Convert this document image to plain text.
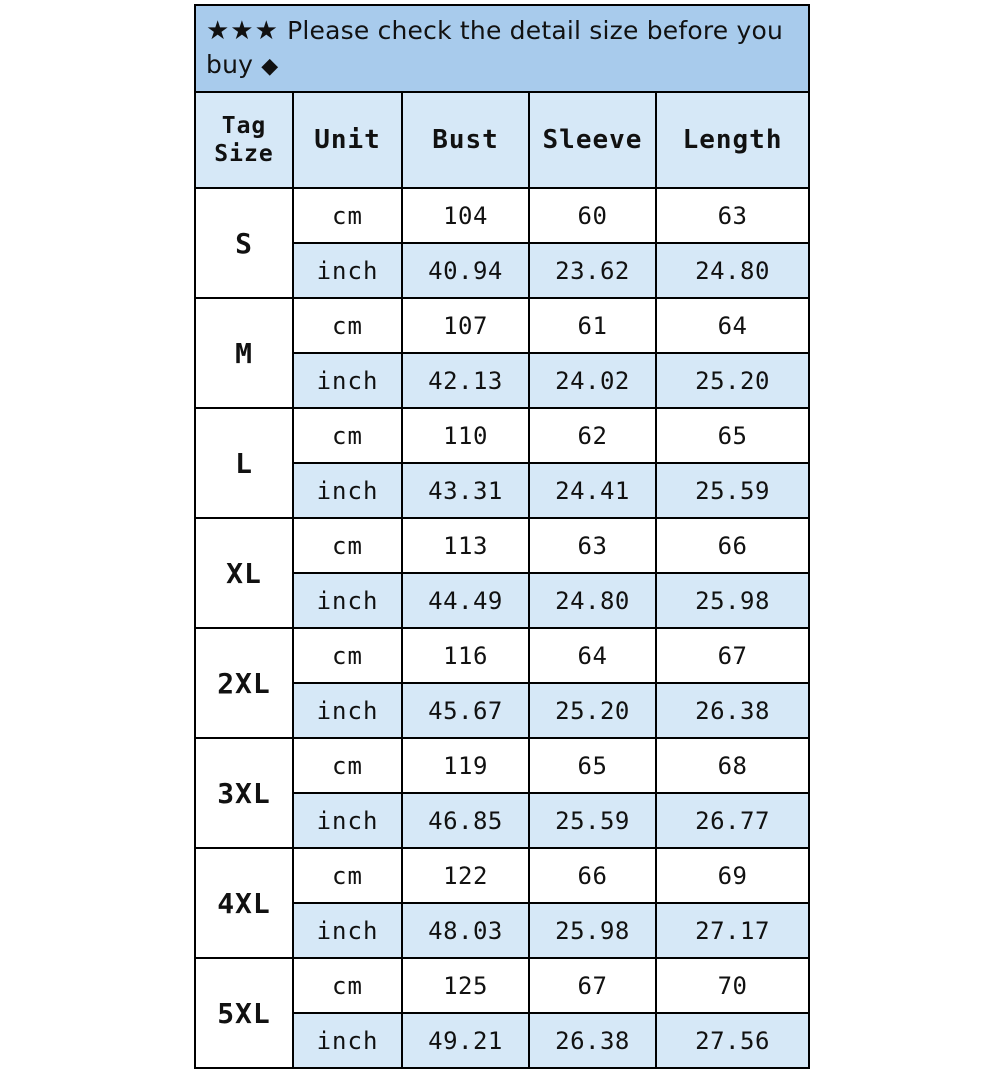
★★★ Please check the detail size before you buy ◆				
Tag
Size	Unit	Bust	Sleeve	Length
S	cm	104	60	63
	inch	40.94	23.62	24.80
M	cm	107	61	64
	inch	42.13	24.02	25.20
L	cm	110	62	65
	inch	43.31	24.41	25.59
XL	cm	113	63	66
	inch	44.49	24.80	25.98
2XL	cm	116	64	67
	inch	45.67	25.20	26.38
3XL	cm	119	65	68
	inch	46.85	25.59	26.77
4XL	cm	122	66	69
	inch	48.03	25.98	27.17
5XL	cm	125	67	70
	inch	49.21	26.38	27.56
